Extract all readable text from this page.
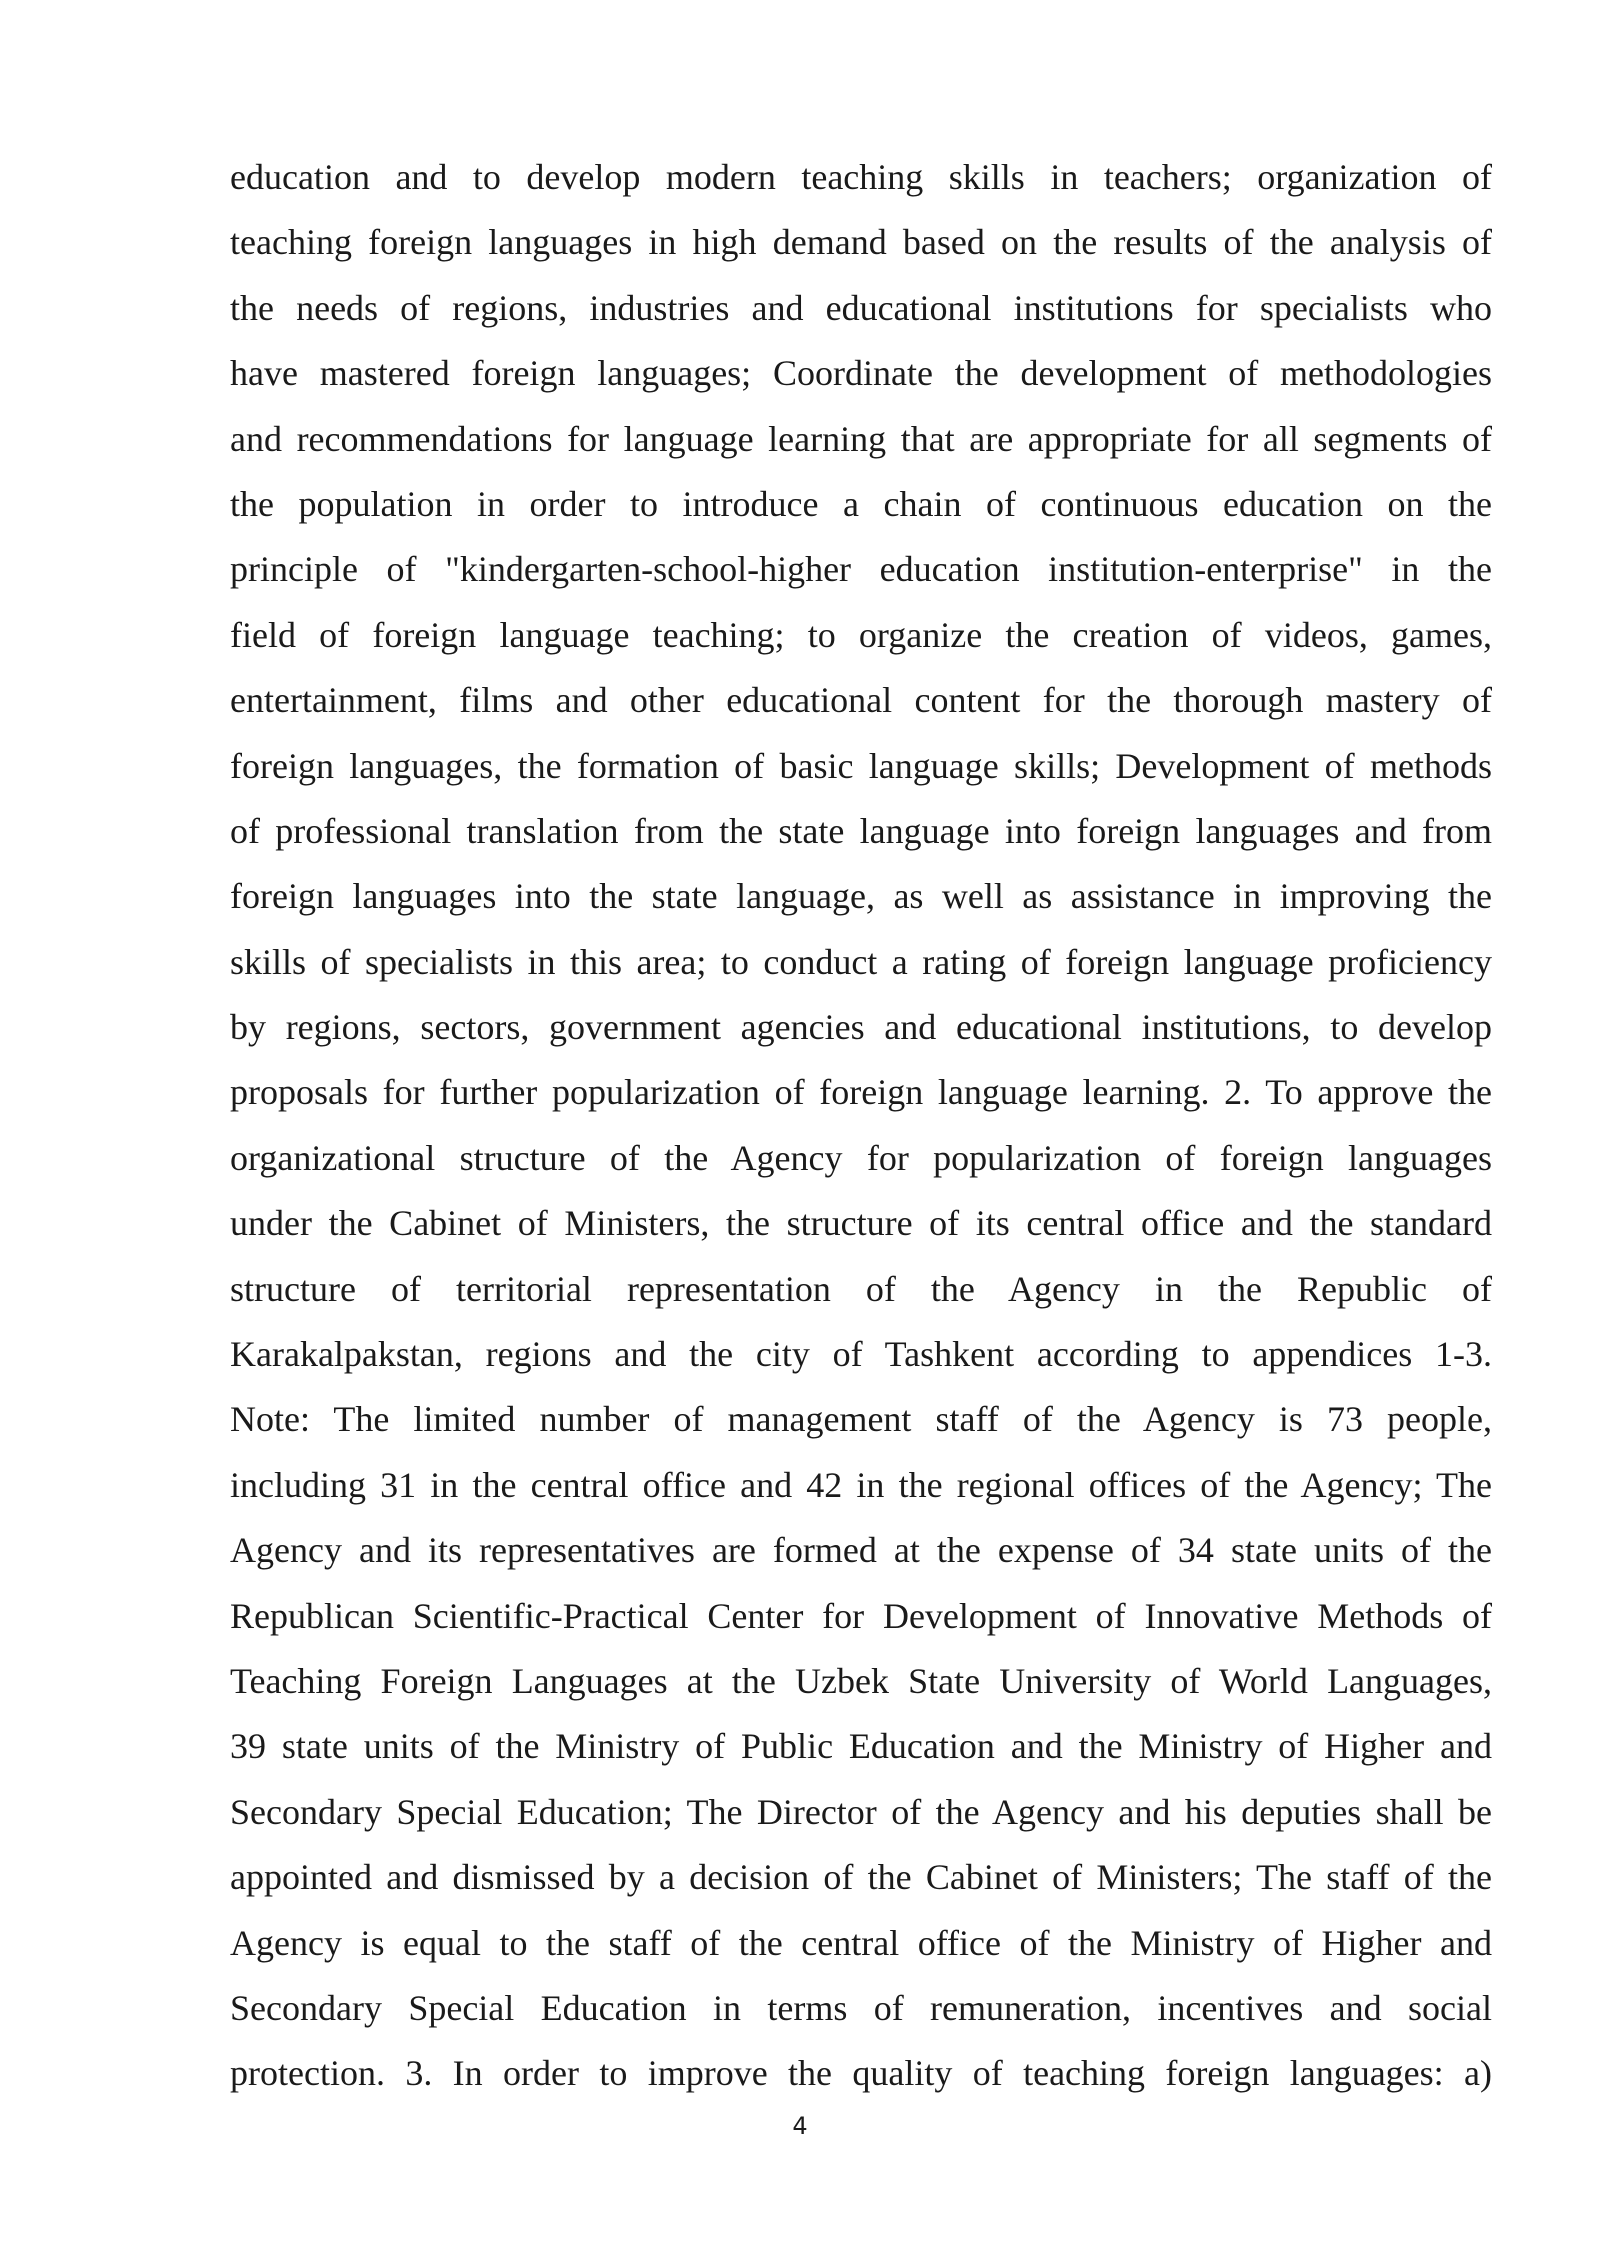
education and to develop modern teaching skills in teachers; organization of
teaching foreign languages in high demand based on the results of the analysis of
the needs of regions, industries and educational institutions for specialists who
have mastered foreign languages; Coordinate the development of methodologies
and recommendations for language learning that are appropriate for all segments of
the population in order to introduce a chain of continuous education on the
principle of "kindergarten-school-higher education institution-enterprise" in the
field of foreign language teaching; to organize the creation of videos, games,
entertainment, films and other educational content for the thorough mastery of
foreign languages, the formation of basic language skills; Development of methods
of professional translation from the state language into foreign languages and from
foreign languages into the state language, as well as assistance in improving the
skills of specialists in this area; to conduct a rating of foreign language proficiency
by regions, sectors, government agencies and educational institutions, to develop
proposals for further popularization of foreign language learning. 2. To approve the
organizational structure of the Agency for popularization of foreign languages
under the Cabinet of Ministers, the structure of its central office and the standard
structure of territorial representation of the Agency in the Republic of
Karakalpakstan, regions and the city of Tashkent according to appendices 1-3.
Note: The limited number of management staff of the Agency is 73 people,
including 31 in the central office and 42 in the regional offices of the Agency; The
Agency and its representatives are formed at the expense of 34 state units of the
Republican Scientific-Practical Center for Development of Innovative Methods of
Teaching Foreign Languages at the Uzbek State University of World Languages,
39 state units of the Ministry of Public Education and the Ministry of Higher and
Secondary Special Education; The Director of the Agency and his deputies shall be
appointed and dismissed by a decision of the Cabinet of Ministers; The staff of the
Agency is equal to the staff of the central office of the Ministry of Higher and
Secondary Special Education in terms of remuneration, incentives and social
protection. 3. In order to improve the quality of teaching foreign languages: a)
4
